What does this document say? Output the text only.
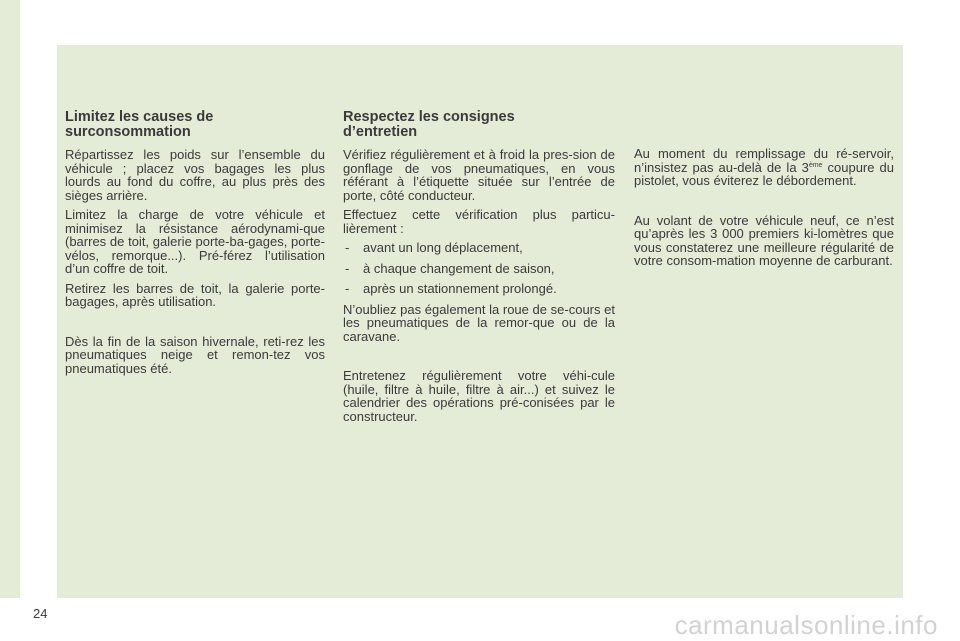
Limitez les causes de
surconsommation

Répartissez les poids sur l’ensemble du véhicule ; placez vos bagages les plus lourds au fond du coffre, au plus près des sièges arrière.

Limitez la charge de votre véhicule et minimisez la résistance aérodynami-que (barres de toit, galerie porte-ba-gages, porte-vélos, remorque...). Pré-férez l’utilisation d’un coffre de toit.

Retirez les barres de toit, la galerie porte-bagages, après utilisation.

Dès la fin de la saison hivernale, reti-rez les pneumatiques neige et remon-tez vos pneumatiques été.

Respectez les consignes
d’entretien

Vérifiez régulièrement et à froid la pres-sion de gonflage de vos pneumatiques, en vous référant à l’étiquette située sur l’entrée de porte, côté conducteur.

Effectuez cette vérification plus particu-lièrement :

- avant un long déplacement,
- à chaque changement de saison,
- après un stationnement prolongé.

N’oubliez pas également la roue de se-cours et les pneumatiques de la remor-que ou de la caravane.

Entretenez régulièrement votre véhi-cule (huile, filtre à huile, filtre à air...) et suivez le calendrier des opérations pré-conisées par le constructeur.

Au moment du remplissage du ré-servoir, n’insistez pas au-delà de la 3ème coupure du pistolet, vous éviterez le débordement.

Au volant de votre véhicule neuf, ce n’est qu’après les 3 000 premiers ki-lomètres que vous constaterez une meilleure régularité de votre consom-mation moyenne de carburant.

24	carmanualsonline.info
